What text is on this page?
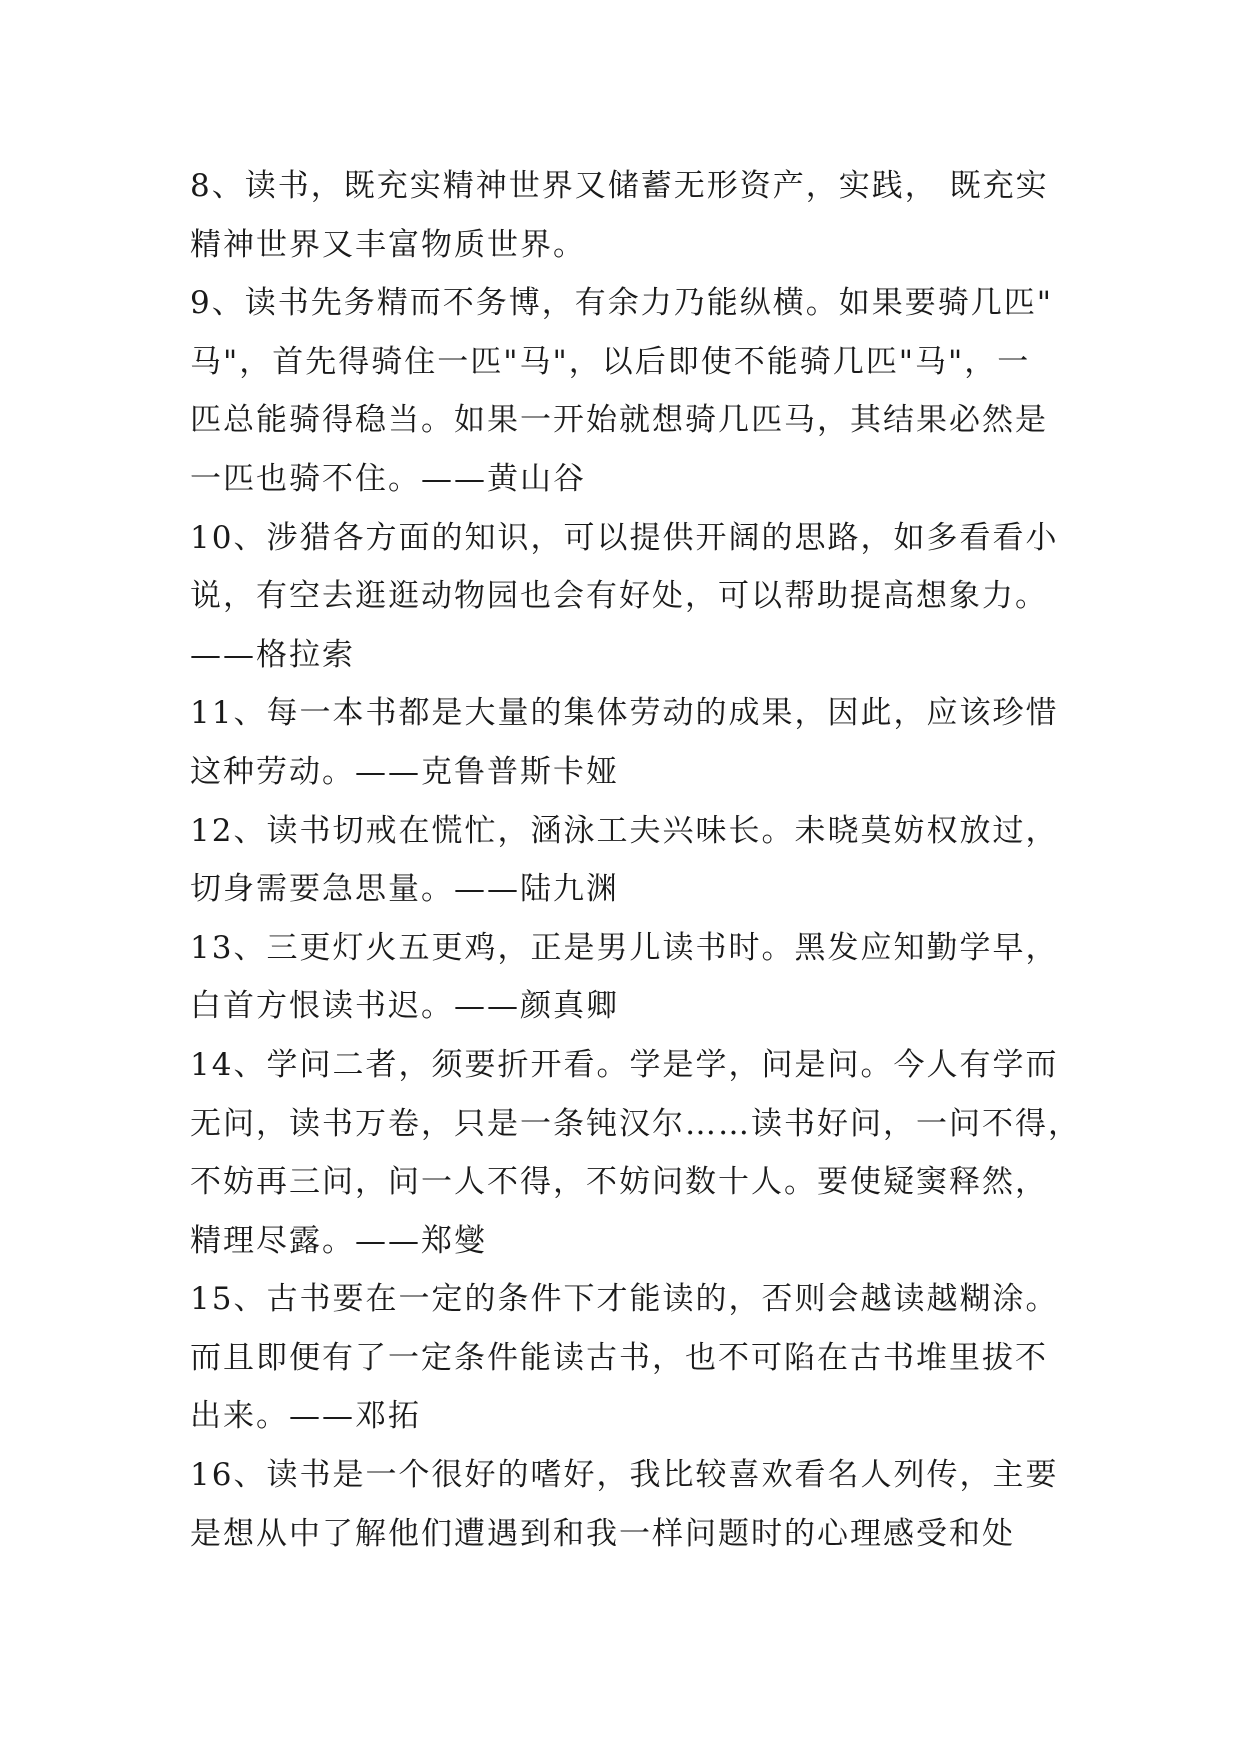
8、读书，既充实精神世界又储蓄无形资产，实践， 既充实
精神世界又丰富物质世界。
9、读书先务精而不务博，有余力乃能纵横。如果要骑几匹"
马"，首先得骑住一匹"马"，以后即使不能骑几匹"马"，一
匹总能骑得稳当。如果一开始就想骑几匹马，其结果必然是
一匹也骑不住。——黄山谷
10、涉猎各方面的知识，可以提供开阔的思路，如多看看小
说，有空去逛逛动物园也会有好处，可以帮助提高想象力。
——格拉索
11、每一本书都是大量的集体劳动的成果，因此，应该珍惜
这种劳动。——克鲁普斯卡娅
12、读书切戒在慌忙，涵泳工夫兴味长。未晓莫妨权放过，
切身需要急思量。——陆九渊
13、三更灯火五更鸡，正是男儿读书时。黑发应知勤学早，
白首方恨读书迟。——颜真卿
14、学问二者，须要折开看。学是学，问是问。今人有学而
无问，读书万卷，只是一条钝汉尔……读书好问，一问不得，
不妨再三问，问一人不得，不妨问数十人。要使疑窦释然，
精理尽露。——郑燮
15、古书要在一定的条件下才能读的，否则会越读越糊涂。
而且即便有了一定条件能读古书，也不可陷在古书堆里拔不
出来。——邓拓
16、读书是一个很好的嗜好，我比较喜欢看名人列传，主要
是想从中了解他们遭遇到和我一样问题时的心理感受和处
